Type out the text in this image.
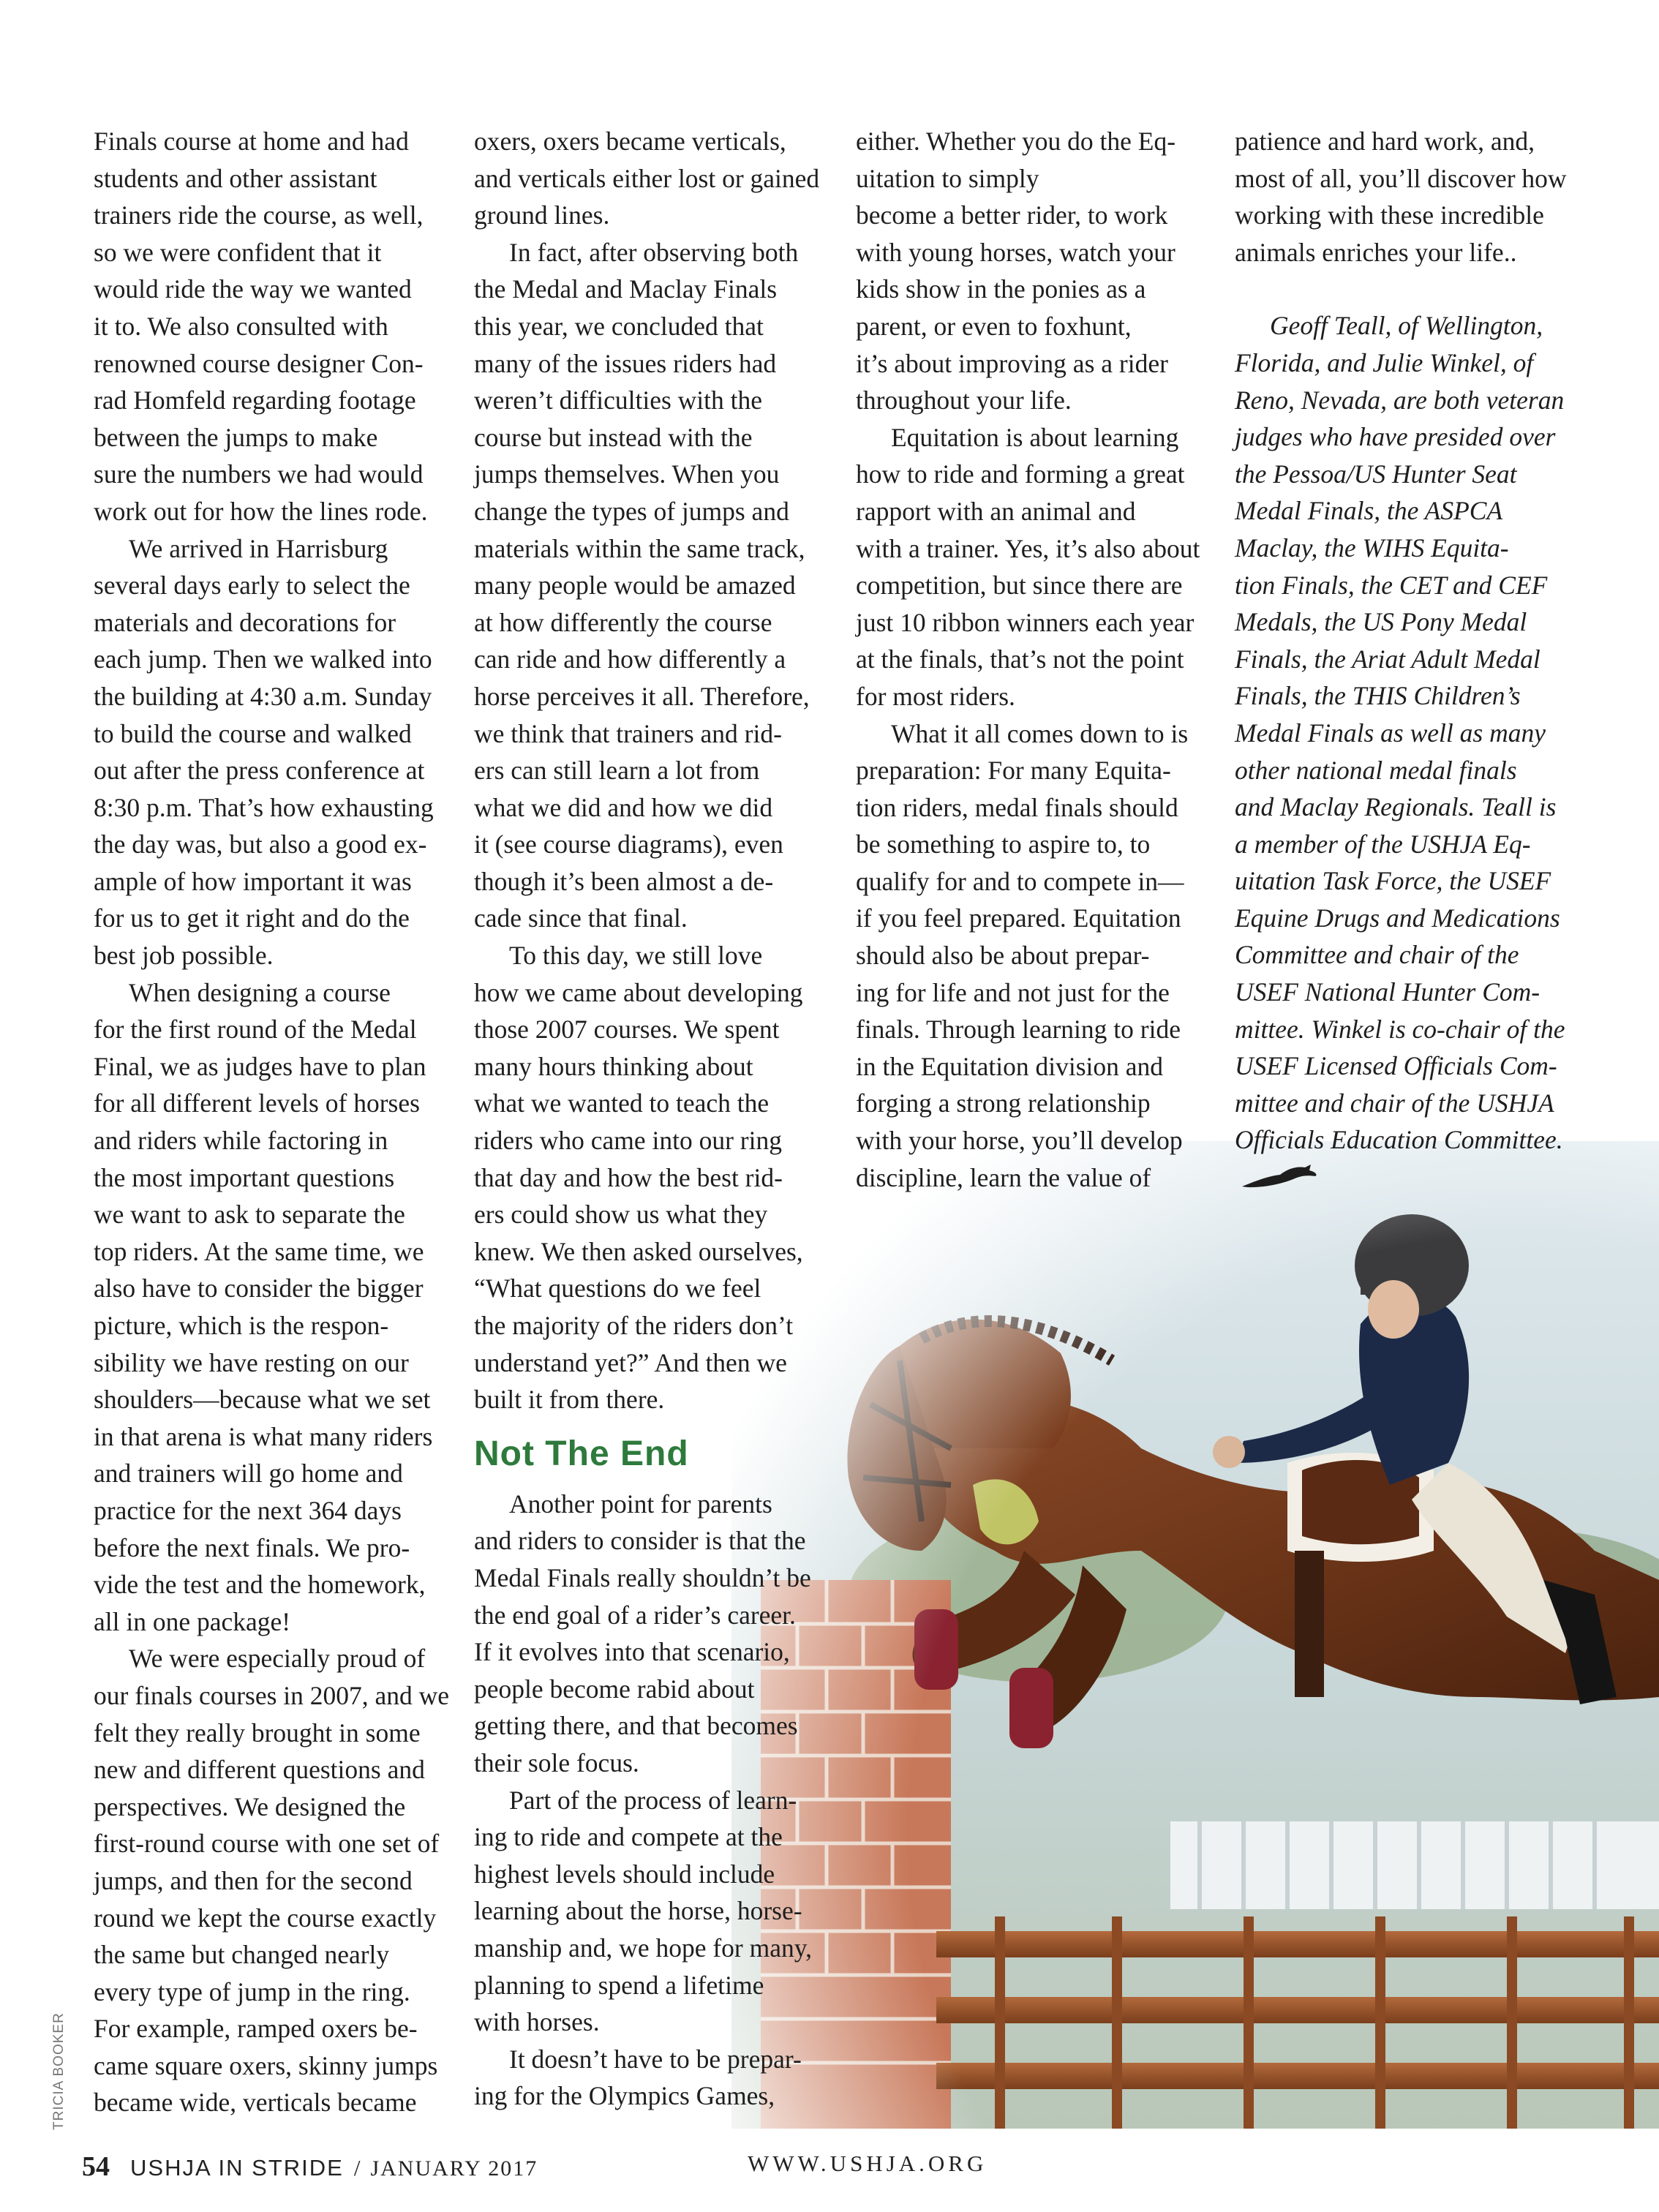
Finals course at home and had
students and other assistant
trainers ride the course, as well,
so we were confident that it
would ride the way we wanted
it to. We also consulted with
renowned course designer Con-
rad Homfeld regarding footage
between the jumps to make
sure the numbers we had would
work out for how the lines rode.
We arrived in Harrisburg
several days early to select the
materials and decorations for
each jump. Then we walked into
the building at 4:30 a.m. Sunday
to build the course and walked
out after the press conference at
8:30 p.m. That’s how exhausting
the day was, but also a good ex-
ample of how important it was
for us to get it right and do the
best job possible.
When designing a course
for the first round of the Medal
Final, we as judges have to plan
for all different levels of horses
and riders while factoring in
the most important questions
we want to ask to separate the
top riders. At the same time, we
also have to consider the bigger
picture, which is the respon-
sibility we have resting on our
shoulders—because what we set
in that arena is what many riders
and trainers will go home and
practice for the next 364 days
before the next finals. We pro-
vide the test and the homework,
all in one package!
We were especially proud of
our finals courses in 2007, and we
felt they really brought in some
new and different questions and
perspectives. We designed the
first-round course with one set of
jumps, and then for the second
round we kept the course exactly
the same but changed nearly
every type of jump in the ring.
For example, ramped oxers be-
came square oxers, skinny jumps
became wide, verticals became
oxers, oxers became verticals,
and verticals either lost or gained
ground lines.
In fact, after observing both
the Medal and Maclay Finals
this year, we concluded that
many of the issues riders had
weren’t difficulties with the
course but instead with the
jumps themselves. When you
change the types of jumps and
materials within the same track,
many people would be amazed
at how differently the course
can ride and how differently a
horse perceives it all. Therefore,
we think that trainers and rid-
ers can still learn a lot from
what we did and how we did
it (see course diagrams), even
though it’s been almost a de-
cade since that final.
To this day, we still love
how we came about developing
those 2007 courses. We spent
many hours thinking about
what we wanted to teach the
riders who came into our ring
that day and how the best rid-
ers could show us what they
knew. We then asked ourselves,
“What questions do we feel
the majority of the riders don’t
understand yet?” And then we
built it from there.
Not The End
Another point for parents
and riders to consider is that the
Medal Finals really shouldn’t be
the end goal of a rider’s career.
If it evolves into that scenario,
people become rabid about
getting there, and that becomes
their sole focus.
Part of the process of learn-
ing to ride and compete at the
highest levels should include
learning about the horse, horse-
manship and, we hope for many,
planning to spend a lifetime
with horses.
It doesn’t have to be prepar-
ing for the Olympics Games,
either. Whether you do the Eq-
uitation to simply
become a better rider, to work
with young horses, watch your
kids show in the ponies as a
parent, or even to foxhunt,
it’s about improving as a rider
throughout your life.
Equitation is about learning
how to ride and forming a great
rapport with an animal and
with a trainer. Yes, it’s also about
competition, but since there are
just 10 ribbon winners each year
at the finals, that’s not the point
for most riders.
What it all comes down to is
preparation: For many Equita-
tion riders, medal finals should
be something to aspire to, to
qualify for and to compete in—
if you feel prepared. Equitation
should also be about prepar-
ing for life and not just for the
finals. Through learning to ride
in the Equitation division and
forging a strong relationship
with your horse, you’ll develop
discipline, learn the value of
patience and hard work, and,
most of all, you’ll discover how
working with these incredible
animals enriches your life..
Geoff Teall, of Wellington,
Florida, and Julie Winkel, of
Reno, Nevada, are both veteran
judges who have presided over
the Pessoa/US Hunter Seat
Medal Finals, the ASPCA
Maclay, the WIHS Equita-
tion Finals, the CET and CEF
Medals, the US Pony Medal
Finals, the Ariat Adult Medal
Finals, the THIS Children’s
Medal Finals as well as many
other national medal finals
and Maclay Regionals. Teall is
a member of the USHJA Eq-
uitation Task Force, the USEF
Equine Drugs and Medications
Committee and chair of the
USEF National Hunter Com-
mittee. Winkel is co-chair of the
USEF Licensed Officials Com-
mittee and chair of the USHJA
Officials Education Committee.
TRICIA BOOKER
54 USHJA IN STRIDE / JANUARY 2017	WWW.USHJA.ORG
